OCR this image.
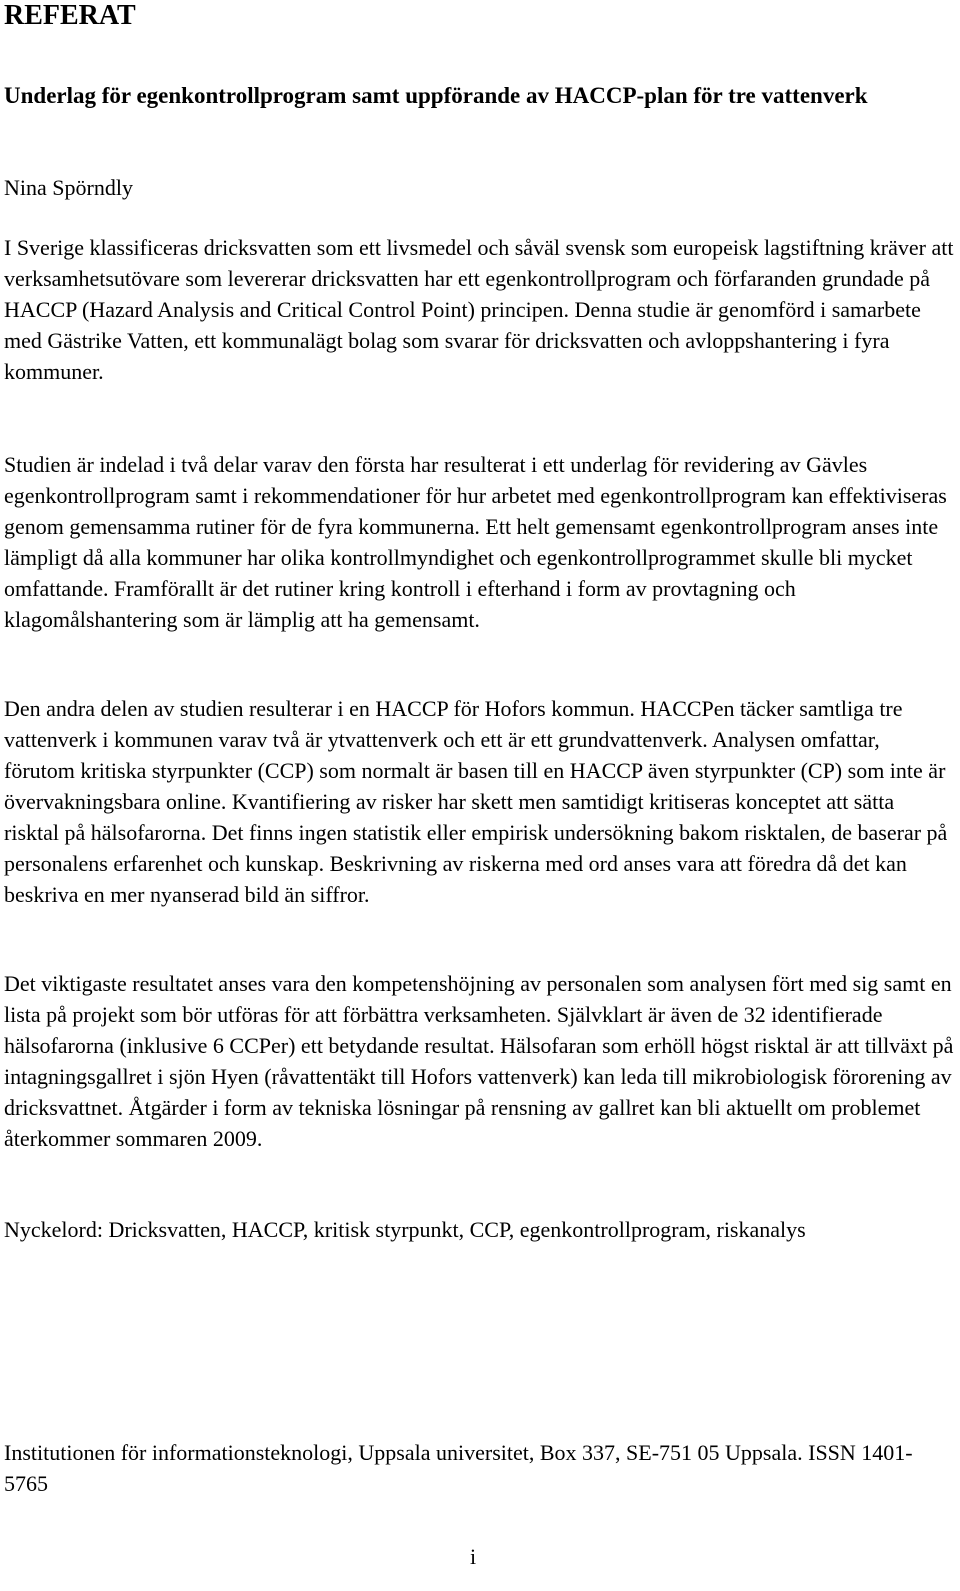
REFERAT
Underlag för egenkontrollprogram samt uppförande av HACCP-plan för tre vattenverk

Nina Spörndly

I Sverige klassificeras dricksvatten som ett livsmedel och såväl svensk som europeisk lagstiftning kräver att verksamhetsutövare som levererar dricksvatten har ett egenkontrollprogram och förfaranden grundade på HACCP (Hazard Analysis and Critical Control Point) principen. Denna studie är genomförd i samarbete med Gästrike Vatten, ett kommunalägt bolag som svarar för dricksvatten och avloppshantering i fyra kommuner.

Studien är indelad i två delar varav den första har resulterat i ett underlag för revidering av Gävles egenkontrollprogram samt i rekommendationer för hur arbetet med egenkontrollprogram kan effektiviseras genom gemensamma rutiner för de fyra kommunerna. Ett helt gemensamt egenkontrollprogram anses inte lämpligt då alla kommuner har olika kontrollmyndighet och egenkontrollprogrammet skulle bli mycket omfattande. Framförallt är det rutiner kring kontroll i efterhand i form av provtagning och klagomålshantering som är lämplig att ha gemensamt.

Den andra delen av studien resulterar i en HACCP för Hofors kommun. HACCPen täcker samtliga tre vattenverk i kommunen varav två är ytvattenverk och ett är ett grundvattenverk. Analysen omfattar, förutom kritiska styrpunkter (CCP) som normalt är basen till en HACCP även styrpunkter (CP) som inte är övervakningsbara online. Kvantifiering av risker har skett men samtidigt kritiseras konceptet att sätta risktal på hälsofarorna. Det finns ingen statistik eller empirisk undersökning bakom risktalen, de baserar på personalens erfarenhet och kunskap. Beskrivning av riskerna med ord anses vara att föredra då det kan beskriva en mer nyanserad bild än siffror.

Det viktigaste resultatet anses vara den kompetenshöjning av personalen som analysen fört med sig samt en lista på projekt som bör utföras för att förbättra verksamheten. Självklart är även de 32 identifierade hälsofarorna (inklusive 6 CCPer) ett betydande resultat. Hälsofaran som erhöll högst risktal är att tillväxt på intagningsgallret i sjön Hyen (råvattentäkt till Hofors vattenverk) kan leda till mikrobiologisk förorening av dricksvattnet. Åtgärder i form av tekniska lösningar på rensning av gallret kan bli aktuellt om problemet återkommer sommaren 2009.

Nyckelord: Dricksvatten, HACCP, kritisk styrpunkt, CCP, egenkontrollprogram, riskanalys

Institutionen för informationsteknologi, Uppsala universitet, Box 337, SE-751 05 Uppsala. ISSN 1401-5765

i
